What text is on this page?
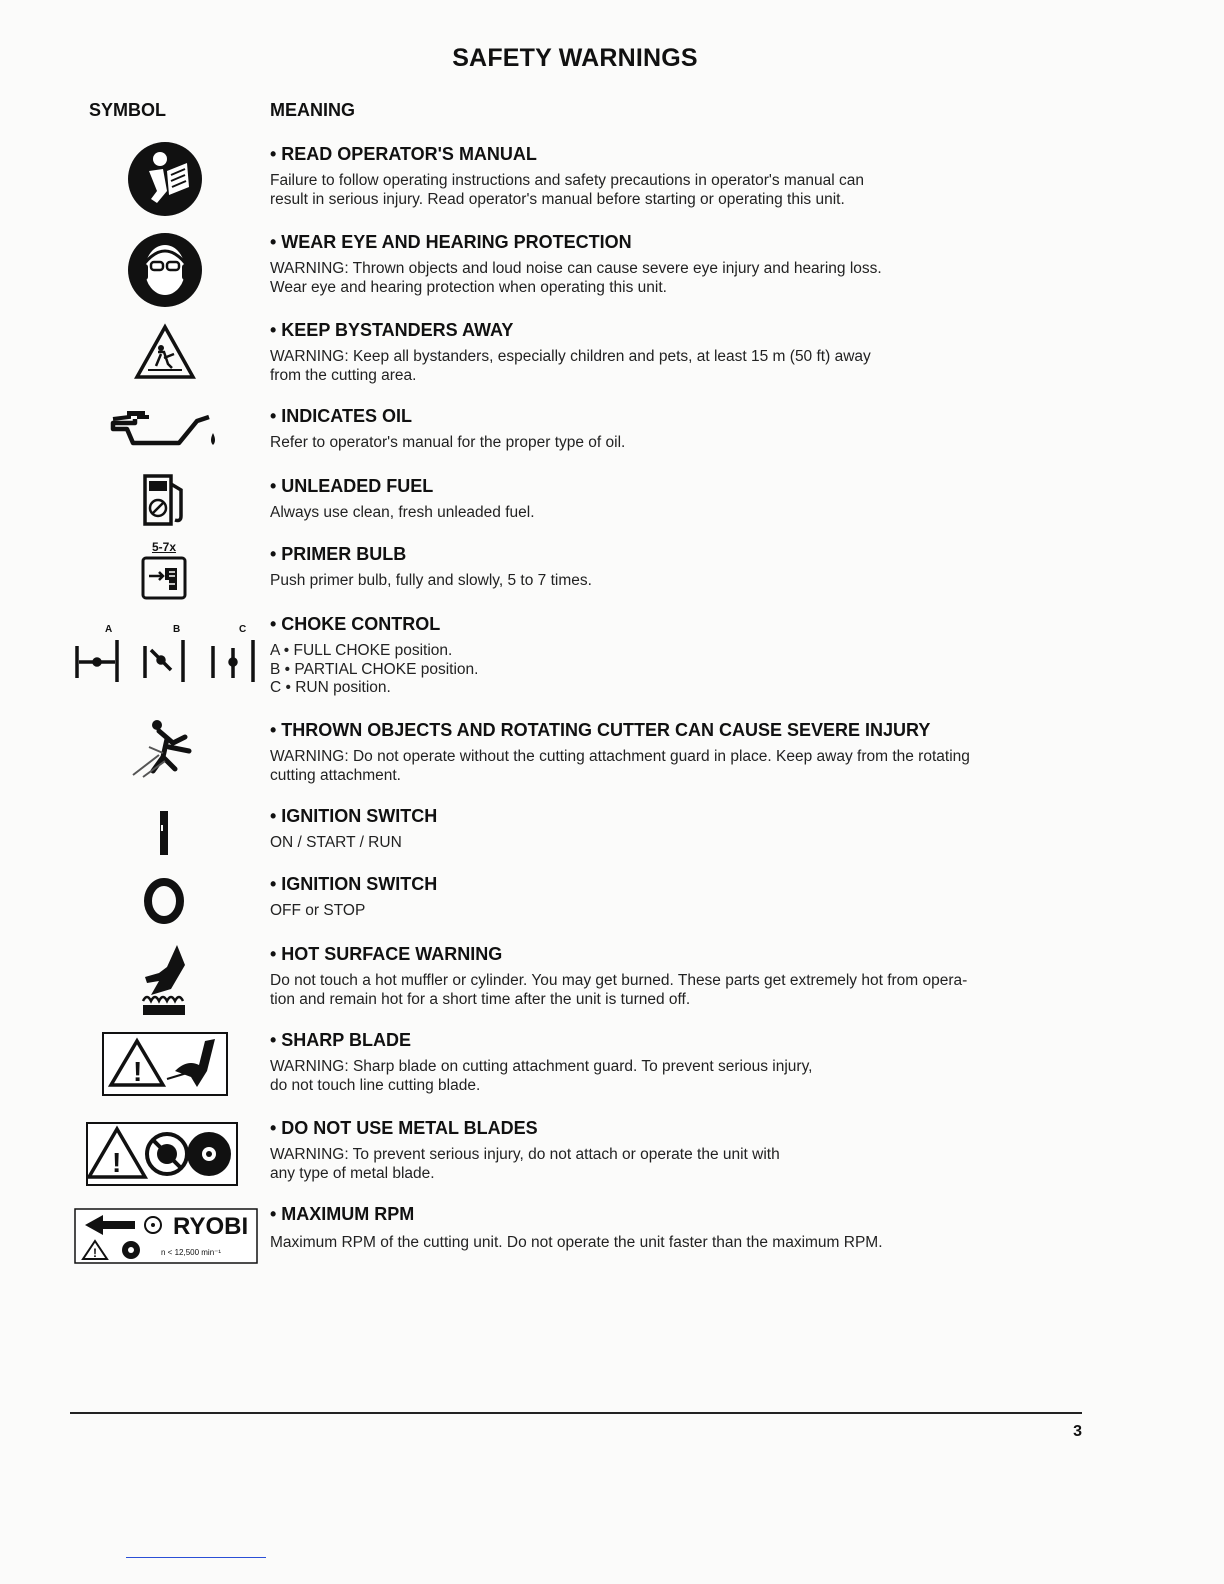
SAFETY WARNINGS
SYMBOL	MEANING
• READ OPERATOR'S MANUAL
Failure to follow operating instructions and safety precautions in operator's manual can
result in serious injury. Read operator's manual before starting or operating this unit.
• WEAR EYE AND HEARING PROTECTION
WARNING: Thrown objects and loud noise can cause severe eye injury and hearing loss.
Wear eye and hearing protection when operating this unit.
• KEEP BYSTANDERS AWAY
WARNING: Keep all bystanders, especially children and pets, at least 15 m (50 ft) away
from the cutting area.
• INDICATES OIL
Refer to operator's manual for the proper type of oil.
• UNLEADED FUEL
Always use clean, fresh unleaded fuel.
5-7x	• PRIMER BULB
Push primer bulb, fully and slowly, 5 to 7 times.
A	B	C • CHOKE CONTROL
A • FULL CHOKE position.
B • PARTIAL CHOKE position.
C • RUN position.
• THROWN OBJECTS AND ROTATING CUTTER CAN CAUSE SEVERE INJURY
WARNING: Do not operate without the cutting attachment guard in place. Keep away from the rotating
cutting attachment.
• IGNITION SWITCH
ON / START / RUN
• IGNITION SWITCH
OFF or STOP
• HOT SURFACE WARNING
Do not touch a hot muffler or cylinder. You may get burned. These parts get extremely hot from opera-
tion and remain hot for a short time after the unit is turned off.
!
• SHARP BLADE
WARNING: Sharp blade on cutting attachment guard. To prevent serious injury,
do not touch line cutting blade.
!
• DO NOT USE METAL BLADES
WARNING: To prevent serious injury, do not attach or operate the unit with
any type of metal blade.
RYOBI
!	n < 12,500 min⁻¹
• MAXIMUM RPM
Maximum RPM of the cutting unit. Do not operate the unit faster than the maximum RPM.
3
